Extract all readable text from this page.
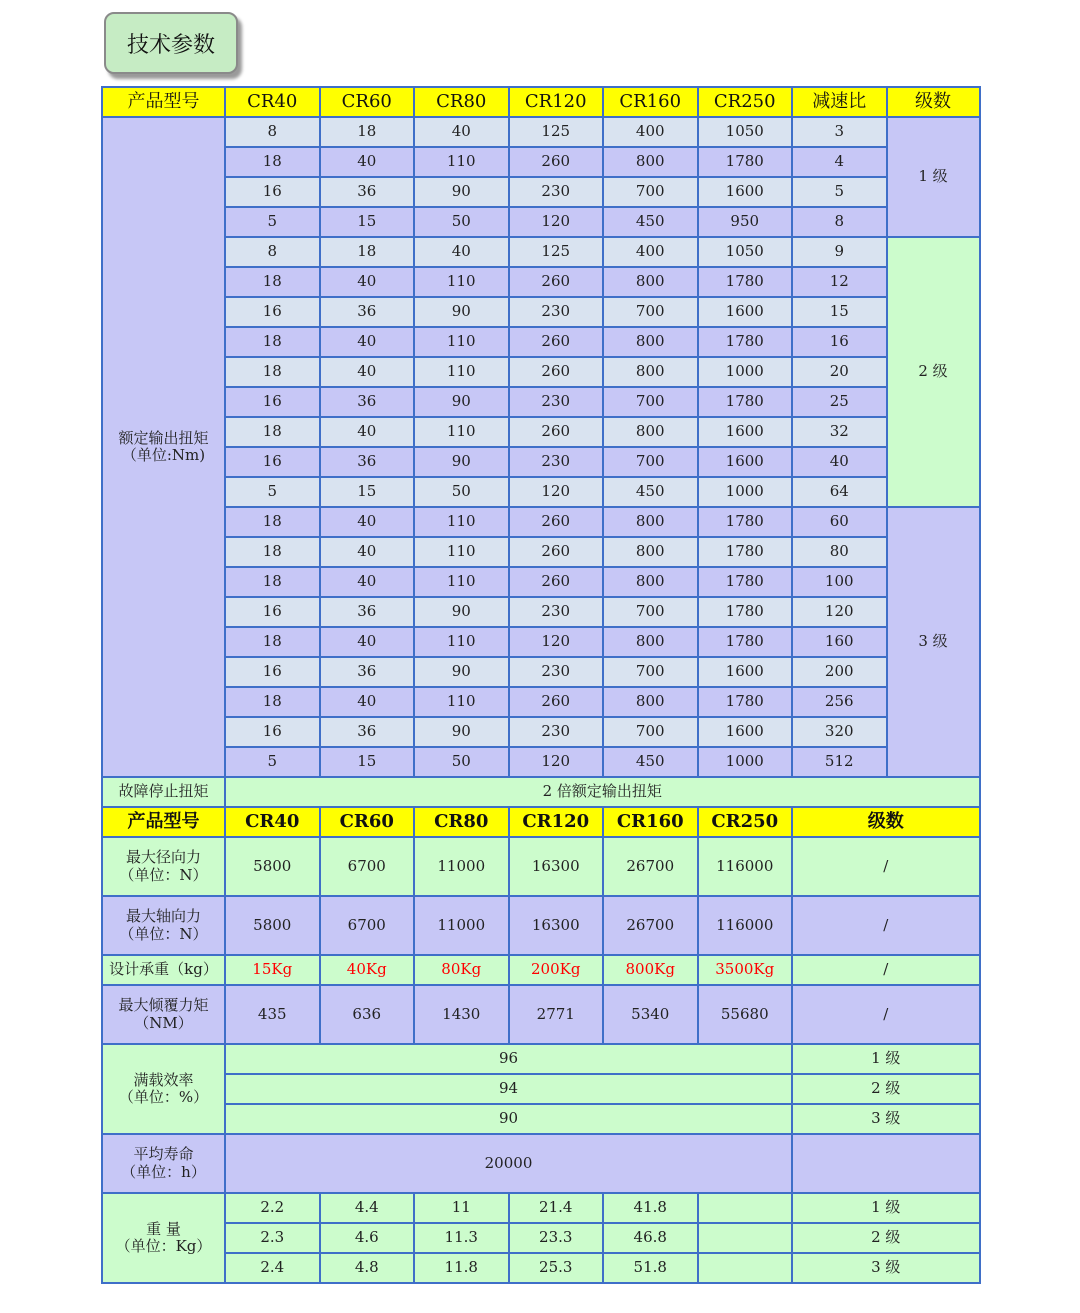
技术参数
产品型号	CR40	CR60	CR80	CR120	CR160	CR250	减速比	级数
额定输出扭矩
（单位:Nm)	8	18	40	125	400	1050	3	1 级
	18	40	110	260	800	1780	4	
	16	36	90	230	700	1600	5	
	5	15	50	120	450	950	8	
	8	18	40	125	400	1050	9	2 级
	18	40	110	260	800	1780	12	
	16	36	90	230	700	1600	15	
	18	40	110	260	800	1780	16	
	18	40	110	260	800	1000	20	
	16	36	90	230	700	1780	25	
	18	40	110	260	800	1600	32	
	16	36	90	230	700	1600	40	
	5	15	50	120	450	1000	64	
	18	40	110	260	800	1780	60	3 级
	18	40	110	260	800	1780	80	
	18	40	110	260	800	1780	100	
	16	36	90	230	700	1780	120	
	18	40	110	120	800	1780	160	
	16	36	90	230	700	1600	200	
	18	40	110	260	800	1780	256	
	16	36	90	230	700	1600	320	
	5	15	50	120	450	1000	512	
故障停止扭矩	2 倍额定输出扭矩							
产品型号	CR40	CR60	CR80	CR120	CR160	CR250	级数	
最大径向力
（单位：N）	5800	6700	11000	16300	26700	116000	/	
最大轴向力
（单位：N）	5800	6700	11000	16300	26700	116000	/	
设计承重（kg）	15Kg	40Kg	80Kg	200Kg	800Kg	3500Kg	/	
最大倾覆力矩
（NM）	435	636	1430	2771	5340	55680	/	
满载效率
（单位：%）	96						1 级	
	94						2 级	
	90						3 级	
平均寿命
（单位：h）	20000							
重 量
（单位：Kg）	2.2	4.4	11	21.4	41.8		1 级	
	2.3	4.6	11.3	23.3	46.8		2 级	
	2.4	4.8	11.8	25.3	51.8		3 级	
